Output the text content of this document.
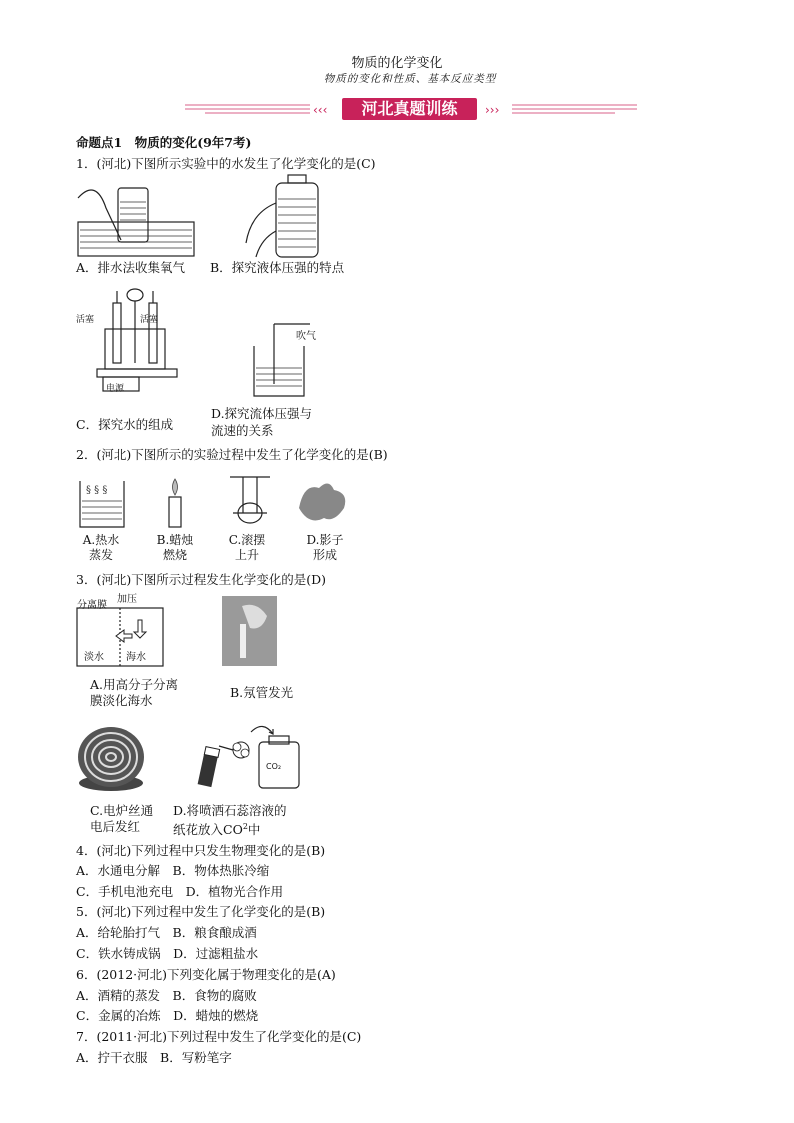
物质的化学变化
物质的变化和性质、基本反应类型
‹‹‹	›››
河北真题训练
命题点1　物质的变化(9年7考)
1．(河北)下图所示实验中的水发生了化学变化的是(C)
A．排水法收集氧气 B．探究液体压强的特点
活塞	活塞
电源
吹气
C．探究水的组成
D.探究流体压强与
流速的关系
2．(河北)下图所示的实验过程中发生了化学变化的是(B)
§ § §
A.热水
蒸发
B.蜡烛
燃烧
C.滚摆
上升
D.影子
形成
3．(河北)下图所示过程发生化学变化的是(D)
分离膜
加压
淡水 海水
A.用高分子分离
膜淡化海水
B.氖管发光
CO₂
C.电炉丝通
电后发红
D.将喷洒石蕊溶液的
纸花放入$CO^2$中
4．(河北)下列过程中只发生物理变化的是(B)
A．水通电分解　B．物体热胀冷缩
C．手机电池充电　D．植物光合作用
5．(河北)下列过程中发生了化学变化的是(B)
A．给轮胎打气　B．粮食酿成酒
C．铁水铸成锅　D．过滤粗盐水
6．(2012·河北)下列变化属于物理变化的是(A)
A．酒精的蒸发　B．食物的腐败
C．金属的冶炼　D．蜡烛的燃烧
7．(2011·河北)下列过程中发生了化学变化的是(C)
A．拧干衣服　B．写粉笔字
